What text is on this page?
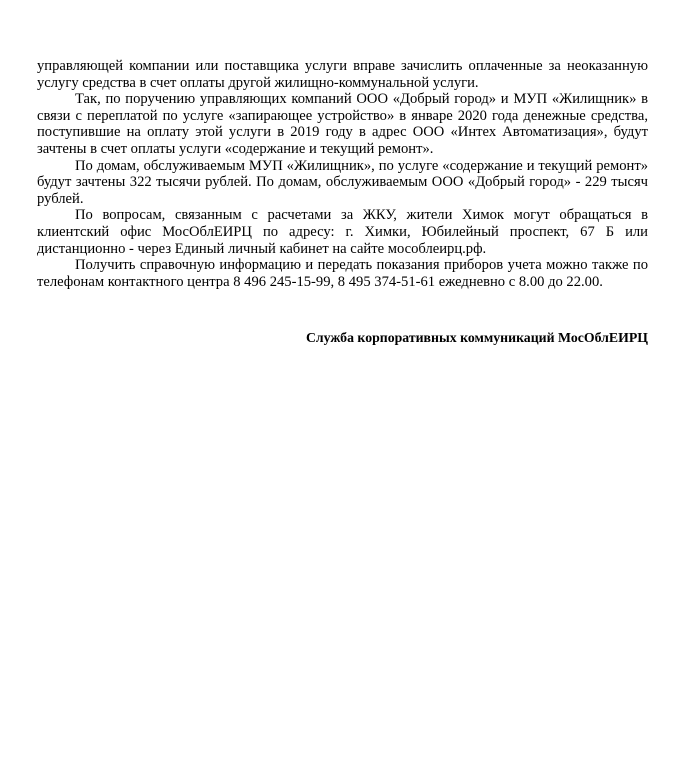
управляющей компании или поставщика услуги вправе зачислить оплаченные за неоказанную услугу средства в счет оплаты другой жилищно-коммунальной услуги.

Так, по поручению управляющих компаний ООО «Добрый город» и МУП «Жилищник» в связи с переплатой по услуге «запирающее устройство» в январе 2020 года денежные средства, поступившие на оплату этой услуги в 2019 году в адрес ООО «Интех Автоматизация», будут зачтены в счет оплаты услуги «содержание и текущий ремонт».

По домам, обслуживаемым МУП «Жилищник», по услуге «содержание и текущий ремонт» будут зачтены 322 тысячи рублей. По домам, обслуживаемым ООО «Добрый город» - 229 тысяч рублей.

По вопросам, связанным с расчетами за ЖКУ, жители Химок могут обращаться в клиентский офис МосОблЕИРЦ по адресу: г. Химки, Юбилейный проспект, 67 Б или дистанционно - через Единый личный кабинет на сайте мособлеирц.рф.

Получить справочную информацию и передать показания приборов учета можно также по телефонам контактного центра 8 496 245-15-99, 8 495 374-51-61 ежедневно с 8.00 до 22.00.

Служба корпоративных коммуникаций МосОблЕИРЦ
